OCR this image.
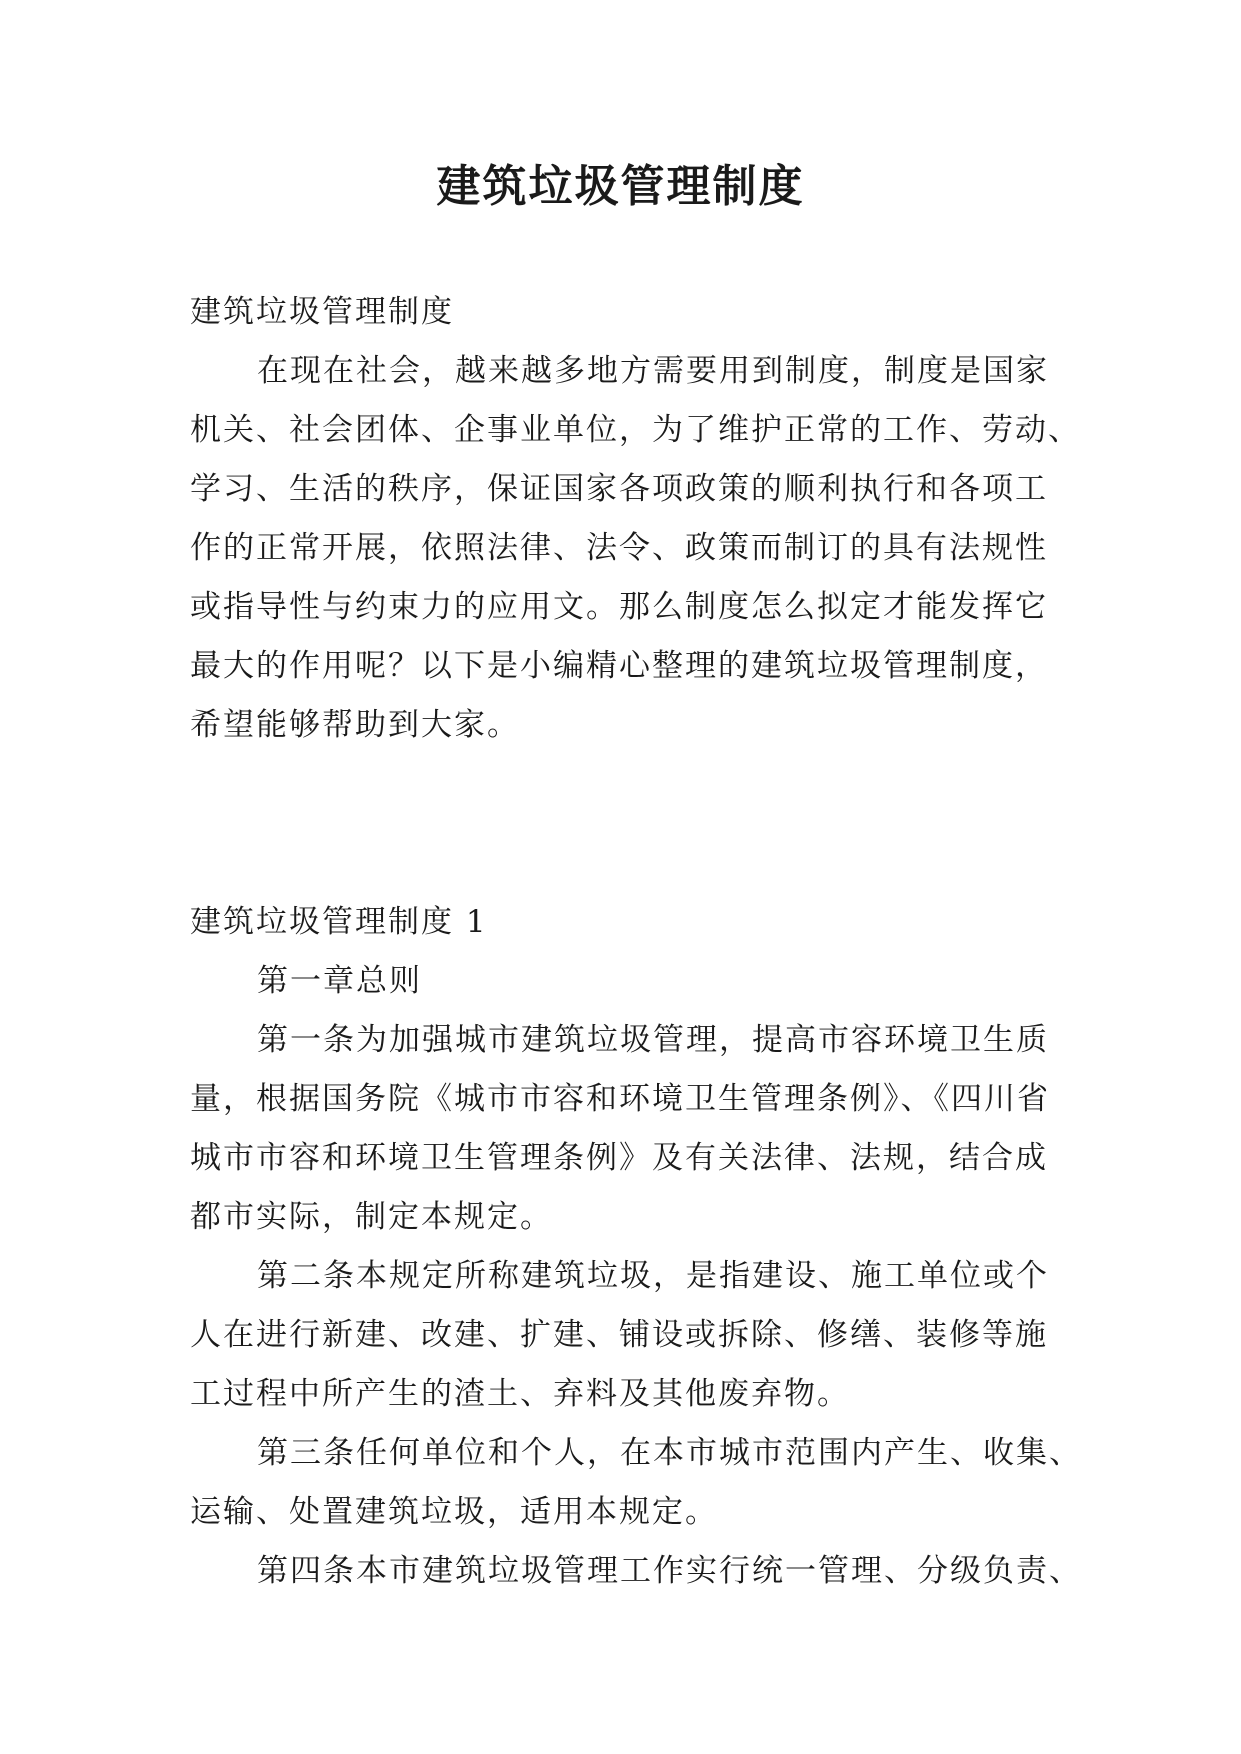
建筑垃圾管理制度
建筑垃圾管理制度
在现在社会，越来越多地方需要用到制度，制度是国家
机关、社会团体、企事业单位，为了维护正常的工作、劳动、
学习、生活的秩序，保证国家各项政策的顺利执行和各项工
作的正常开展，依照法律、法令、政策而制订的具有法规性
或指导性与约束力的应用文。那么制度怎么拟定才能发挥它
最大的作用呢？以下是小编精心整理的建筑垃圾管理制度，
希望能够帮助到大家。
建筑垃圾管理制度 1
第一章总则
第一条为加强城市建筑垃圾管理，提高市容环境卫生质
量，根据国务院《城市市容和环境卫生管理条例》、《四川省
城市市容和环境卫生管理条例》及有关法律、法规，结合成
都市实际，制定本规定。
第二条本规定所称建筑垃圾，是指建设、施工单位或个
人在进行新建、改建、扩建、铺设或拆除、修缮、装修等施
工过程中所产生的渣土、弃料及其他废弃物。
第三条任何单位和个人，在本市城市范围内产生、收集、
运输、处置建筑垃圾，适用本规定。
第四条本市建筑垃圾管理工作实行统一管理、分级负责、
